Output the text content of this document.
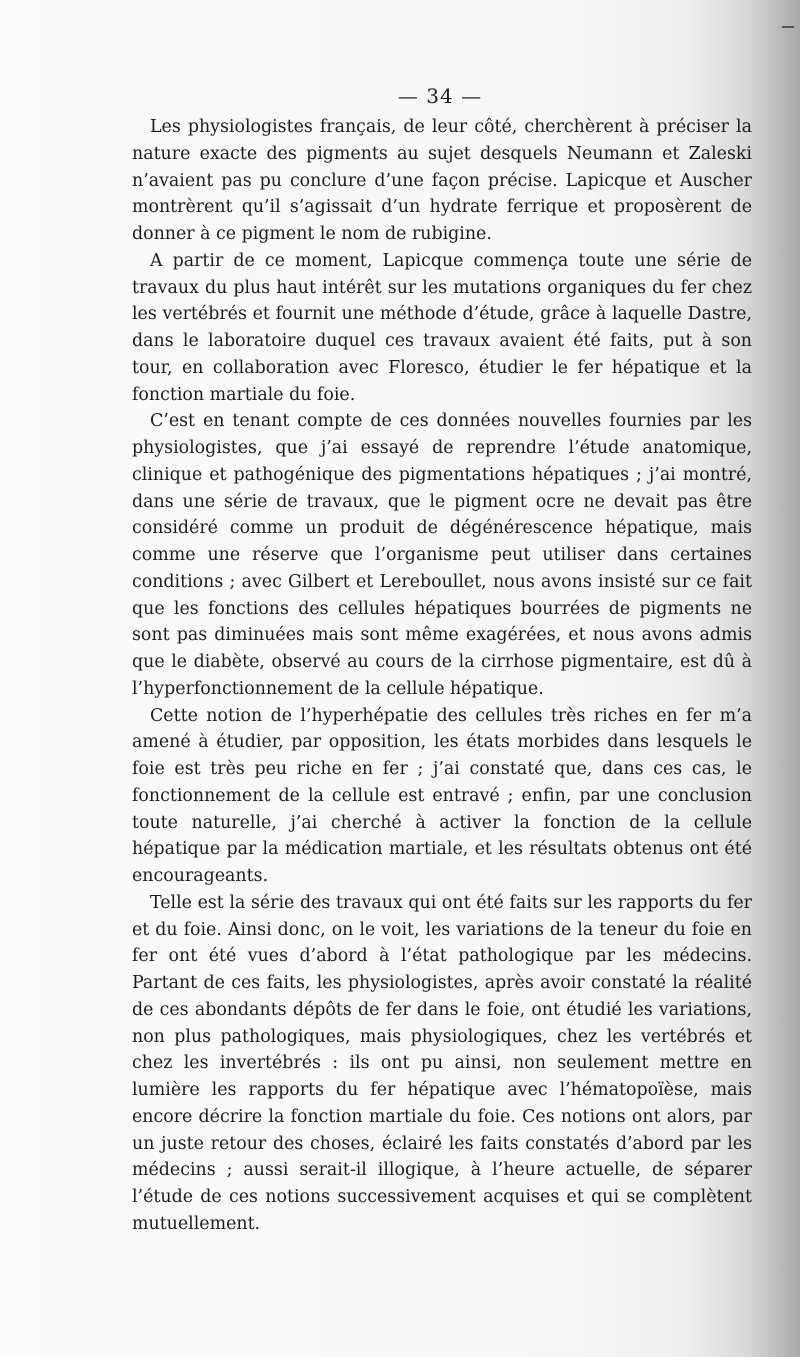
— 34 —

Les physiologistes français, de leur côté, cherchèrent à préciser la nature exacte des pigments au sujet desquels Neumann et Zaleski n’avaient pas pu conclure d’une façon précise. Lapicque et Auscher montrèrent qu’il s’agissait d’un hydrate ferrique et proposèrent de donner à ce pigment le nom de rubigine.

A partir de ce moment, Lapicque commença toute une série de travaux du plus haut intérêt sur les mutations organiques du fer chez les vertébrés et fournit une méthode d’étude, grâce à laquelle Dastre, dans le laboratoire duquel ces travaux avaient été faits, put à son tour, en collaboration avec Floresco, étudier le fer hépatique et la fonction martiale du foie.

C’est en tenant compte de ces données nouvelles fournies par les physiologistes, que j’ai essayé de reprendre l’étude anatomique, clinique et pathogénique des pigmentations hépatiques ; j’ai montré, dans une série de travaux, que le pigment ocre ne devait pas être considéré comme un produit de dégénérescence hépatique, mais comme une réserve que l’organisme peut utiliser dans certaines conditions ; avec Gilbert et Lereboullet, nous avons insisté sur ce fait que les fonctions des cellules hépatiques bourrées de pigments ne sont pas diminuées mais sont même exagérées, et nous avons admis que le diabète, observé au cours de la cirrhose pigmentaire, est dû à l’hyperfonctionnement de la cellule hépatique.

Cette notion de l’hyperhépatie des cellules très riches en fer m’a amené à étudier, par opposition, les états morbides dans lesquels le foie est très peu riche en fer ; j’ai constaté que, dans ces cas, le fonctionnement de la cellule est entravé ; enfin, par une conclusion toute naturelle, j’ai cherché à activer la fonction de la cellule hépatique par la médication martiale, et les résultats obtenus ont été encourageants.

Telle est la série des travaux qui ont été faits sur les rapports du fer et du foie. Ainsi donc, on le voit, les variations de la teneur du foie en fer ont été vues d’abord à l’état pathologique par les médecins. Partant de ces faits, les physiologistes, après avoir constaté la réalité de ces abondants dépôts de fer dans le foie, ont étudié les variations, non plus pathologiques, mais physiologiques, chez les vertébrés et chez les invertébrés : ils ont pu ainsi, non seulement mettre en lumière les rapports du fer hépatique avec l’hématopoïèse, mais encore décrire la fonction martiale du foie. Ces notions ont alors, par un juste retour des choses, éclairé les faits constatés d’abord par les médecins ; aussi serait-il illogique, à l’heure actuelle, de séparer l’étude de ces notions successivement acquises et qui se complètent mutuellement.
